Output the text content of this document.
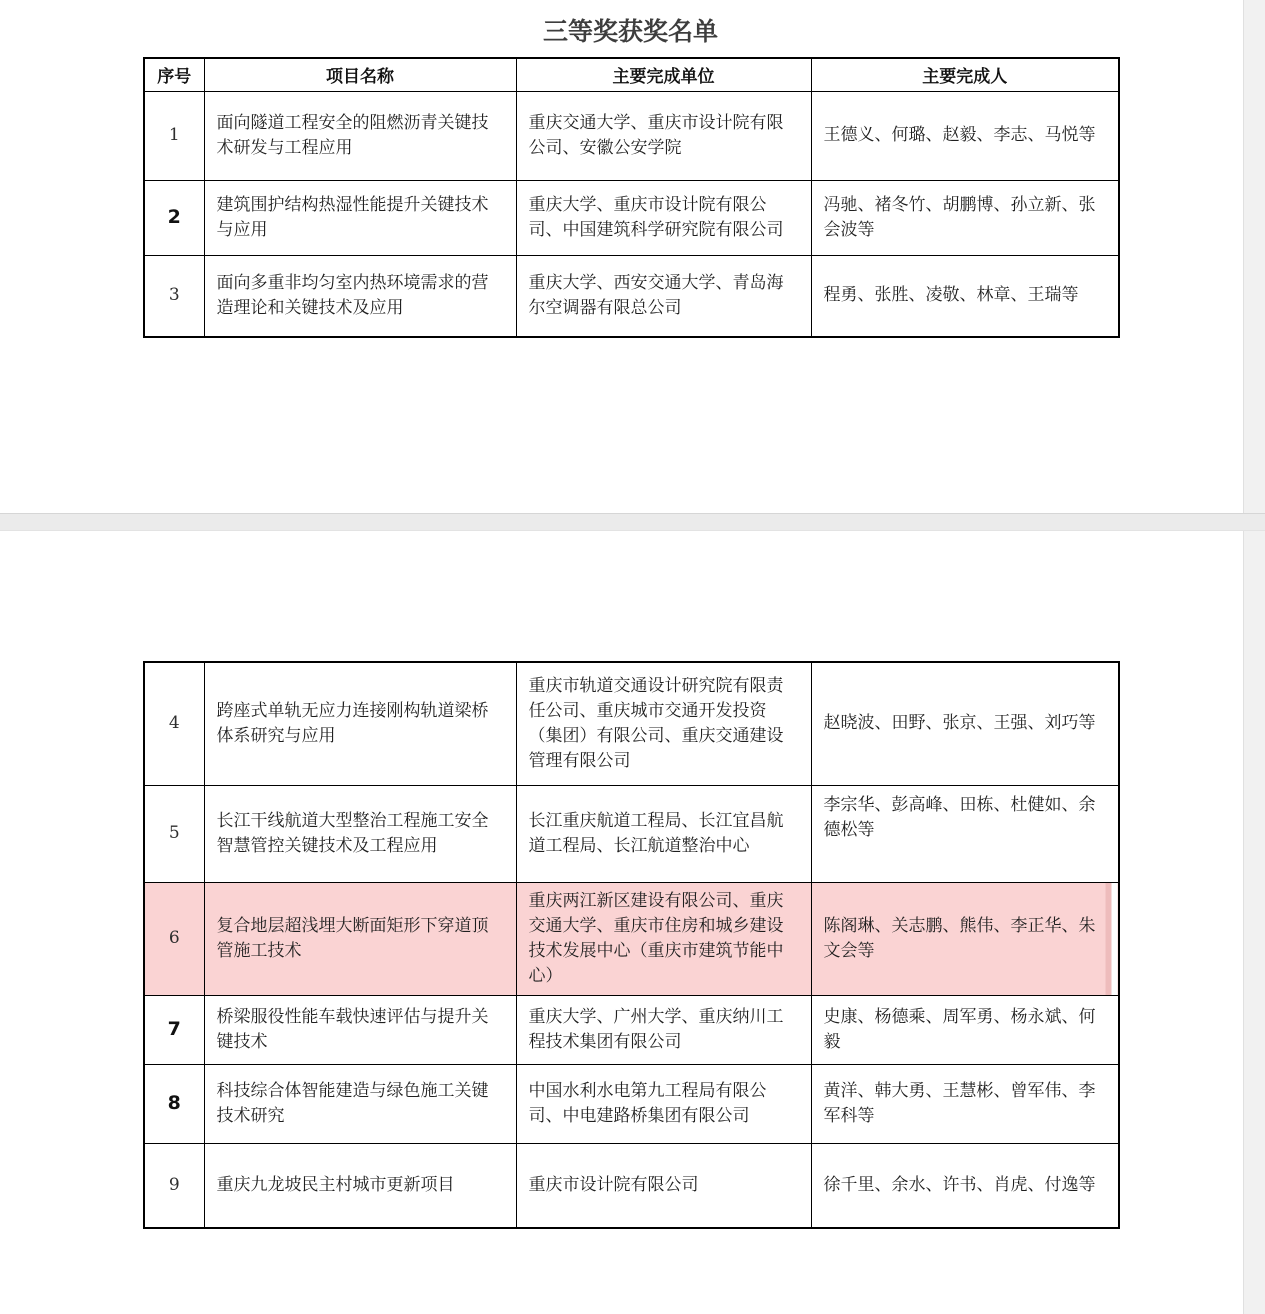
三等奖获奖名单
序号	项目名称	主要完成单位	主要完成人
1	面向隧道工程安全的阻燃沥青关键技术研发与工程应用	重庆交通大学、重庆市设计院有限公司、安徽公安学院	王德义、何璐、赵毅、李志、马悦等
2	建筑围护结构热湿性能提升关键技术与应用	重庆大学、重庆市设计院有限公司、中国建筑科学研究院有限公司	冯驰、褚冬竹、胡鹏博、孙立新、张会波等
3	面向多重非均匀室内热环境需求的营造理论和关键技术及应用	重庆大学、西安交通大学、青岛海尔空调器有限总公司	程勇、张胜、凌敬、林章、王瑞等
4	跨座式单轨无应力连接刚构轨道梁桥体系研究与应用	重庆市轨道交通设计研究院有限责任公司、重庆城市交通开发投资（集团）有限公司、重庆交通建设管理有限公司	赵晓波、田野、张京、王强、刘巧等
5	长江干线航道大型整治工程施工安全智慧管控关键技术及工程应用	长江重庆航道工程局、长江宜昌航道工程局、长江航道整治中心	李宗华、彭高峰、田栋、杜健如、余德松等
6	复合地层超浅埋大断面矩形下穿道顶管施工技术	重庆两江新区建设有限公司、重庆交通大学、重庆市住房和城乡建设技术发展中心（重庆市建筑节能中心）	陈阁琳、关志鹏、熊伟、李正华、朱文会等
7	桥梁服役性能车载快速评估与提升关键技术	重庆大学、广州大学、重庆纳川工程技术集团有限公司	史康、杨德乘、周军勇、杨永斌、何毅
8	科技综合体智能建造与绿色施工关键技术研究	中国水利水电第九工程局有限公司、中电建路桥集团有限公司	黄洋、韩大勇、王慧彬、曾军伟、李军科等
9	重庆九龙坡民主村城市更新项目	重庆市设计院有限公司	徐千里、余水、许书、肖虎、付逸等
